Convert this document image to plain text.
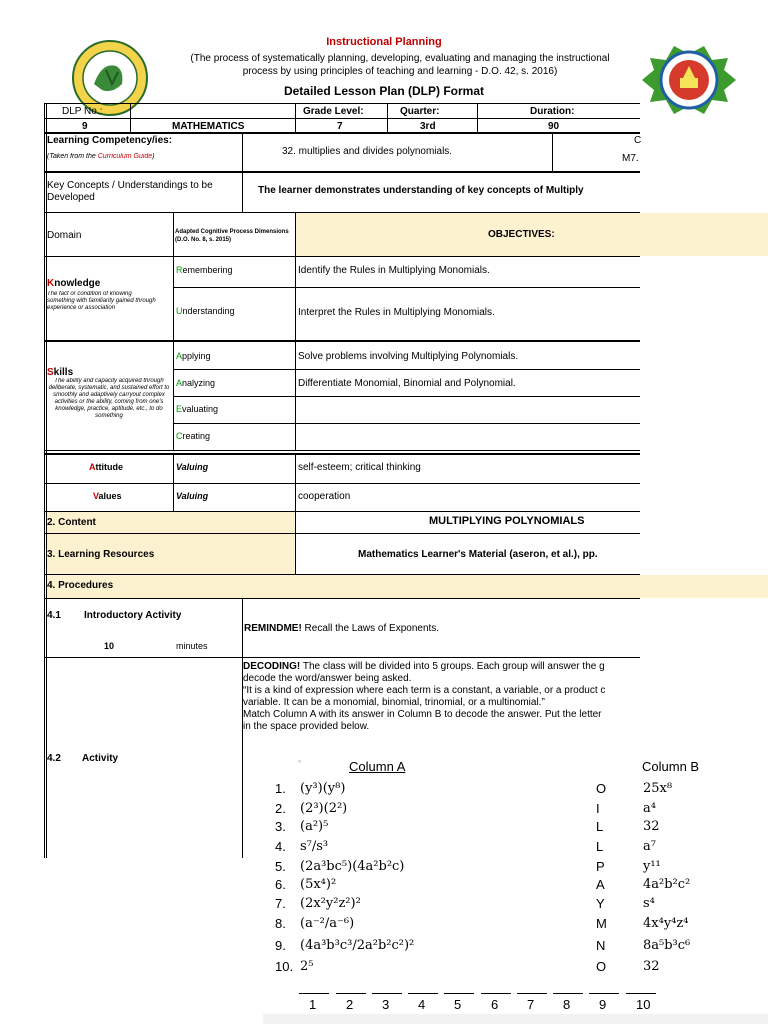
Instructional Planning
(The process of systematically planning, developing, evaluating and managing the instructional
process by using principles of teaching and learning - D.O. 42, s. 2016)
Detailed Lesson Plan (DLP) Format
DLP No.:	Grade Level:	Quarter:	Duration:
9	MATHEMATICS	7	3rd	90
Learning Competency/ies:
(Taken from the Curriculum Guide)	32. multiplies and divides polynomials.
C
M7.
Key Concepts / Understandings to be Developed
The learner demonstrates understanding of key concepts of Multiply
Domain	Adapted Cognitive Process Dimensions (D.O. No. 8, s. 2015)	OBJECTIVES:
Knowledge
The fact or condition of knowing something with familiarity gained through experience or association
Remembering	Identify the Rules in Multiplying Monomials.
Understanding	Interpret the Rules in Multiplying Monomials.
Skills
The ability and capacity acquired through deliberate, systematic, and sustained effort to smoothly and adaptively carryout complex activities or the ability, coming from one's knowledge, practice, aptitude, etc., to do something
Applying	Solve problems involving Multiplying Polynomials.
Analyzing	Differentiate Monomial, Binomial and Polynomial.
Evaluating
Creating
Attitude	Valuing	self-esteem; critical thinking
Values	Valuing	cooperation
2. Content	MULTIPLYING POLYNOMIALS
3. Learning Resources	Mathematics Learner's Material (aseron, et al.), pp.
4. Procedures
4.1 Introductory Activity
10	minutes
REMINDME! Recall the Laws of Exponents.
4.2 Activity
DECODING! The class will be divided into 5 groups. Each group will answer the g
decode the word/answer being asked.
“It is a kind of expression where each term is a constant, a variable, or a product c
variable. It can be a monomial, binomial, trinomial, or a multinomial.”
Match Column A with its answer in Column B to decode the answer. Put the letter
in the space provided below.
▫	Column A	Column B
1. (y³)(y⁸)	O	25x⁸
2. (2³)(2²)	I	a⁴
3. (a²)⁵	L	32
4. s⁷/s³	L	a⁷
5. (2a³bc⁵)(4a²b²c)	P	y¹¹
6. (5x⁴)²	A	4a²b²c²
7. (2x²y²z²)²	Y	s⁴
8. (a⁻²/a⁻⁶)	M	4x⁴y⁴z⁴
9. (4a³b³c³/2a²b²c²)²	N	8a⁵b³c⁶
10. 2⁵	O	32
1 2 3 4 5 6 7 8 9 10
